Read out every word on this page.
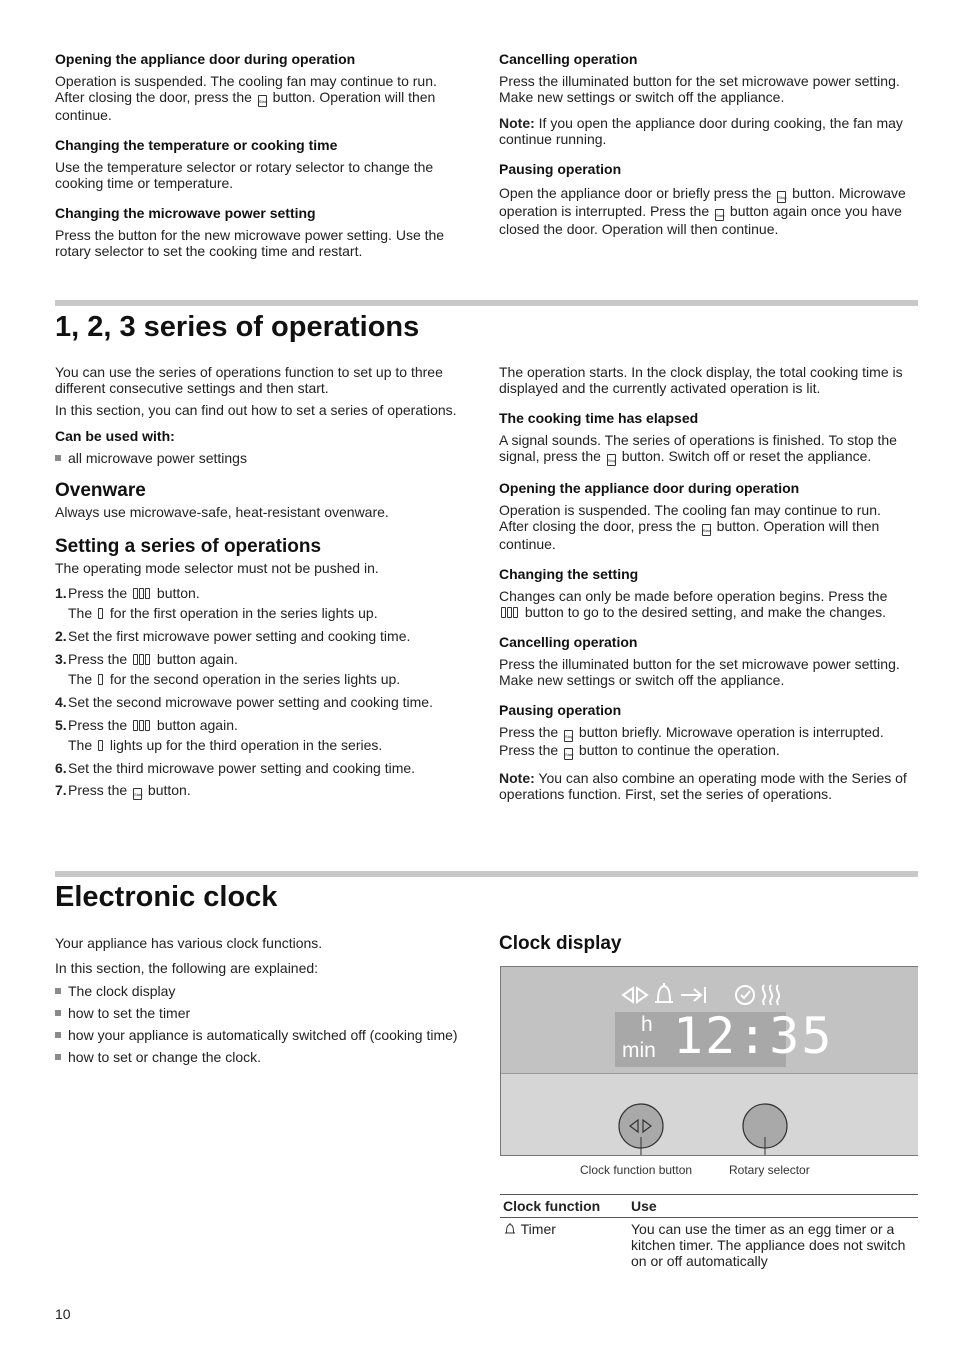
Opening the appliance door during operation

Operation is suspended. The cooling fan may continue to run. After closing the door, press the Start button. Operation will then continue.

Changing the temperature or cooking time

Use the temperature selector or rotary selector to change the cooking time or temperature.

Changing the microwave power setting

Press the button for the new microwave power setting. Use the rotary selector to set the cooking time and restart.

Cancelling operation

Press the illuminated button for the set microwave power setting. Make new settings or switch off the appliance.

Note: If you open the appliance door during cooking, the fan may continue running.

Pausing operation

Open the appliance door or briefly press the Stop button. Microwave operation is interrupted. Press the Start button again once you have closed the door. Operation will then continue.

1, 2, 3 series of operations

You can use the series of operations function to set up to three different consecutive settings and then start.

In this section, you can find out how to set a series of operations.

Can be used with:
all microwave power settings
Ovenware

Always use microwave-safe, heat-resistant ovenware.

Setting a series of operations

The operating mode selector must not be pushed in.

1. Press the button.
The for the first operation in the series lights up.
2. Set the first microwave power setting and cooking time.
3. Press the button again.
The for the second operation in the series lights up.
4. Set the second microwave power setting and cooking time.
5. Press the button again.
The lights up for the third operation in the series.
6. Set the third microwave power setting and cooking time.
7. Press the Start button.

The operation starts. In the clock display, the total cooking time is displayed and the currently activated operation is lit.

The cooking time has elapsed

A signal sounds. The series of operations is finished. To stop the signal, press the Stop button. Switch off or reset the appliance.

Opening the appliance door during operation

Operation is suspended. The cooling fan may continue to run. After closing the door, press the Start button. Operation will then continue.

Changing the setting

Changes can only be made before operation begins. Press the  button to go to the desired setting, and make the changes.

Cancelling operation

Press the illuminated button for the set microwave power setting. Make new settings or switch off the appliance.

Pausing operation

Press the Stop button briefly. Microwave operation is interrupted. Press the Start button to continue the operation.

Note: You can also combine an operating mode with the Series of operations function. First, set the series of operations.

Electronic clock

Your appliance has various clock functions.

In this section, the following are explained:

The clock display
how to set the timer
how your appliance is automatically switched off (cooking time)
how to set or change the clock.
Clock display
h
min 12:35
Clock function button	Rotary selector
Clock function	Use
Timer	You can use the timer as an egg timer or a kitchen timer. The appliance does not switch on or off automatically
10
